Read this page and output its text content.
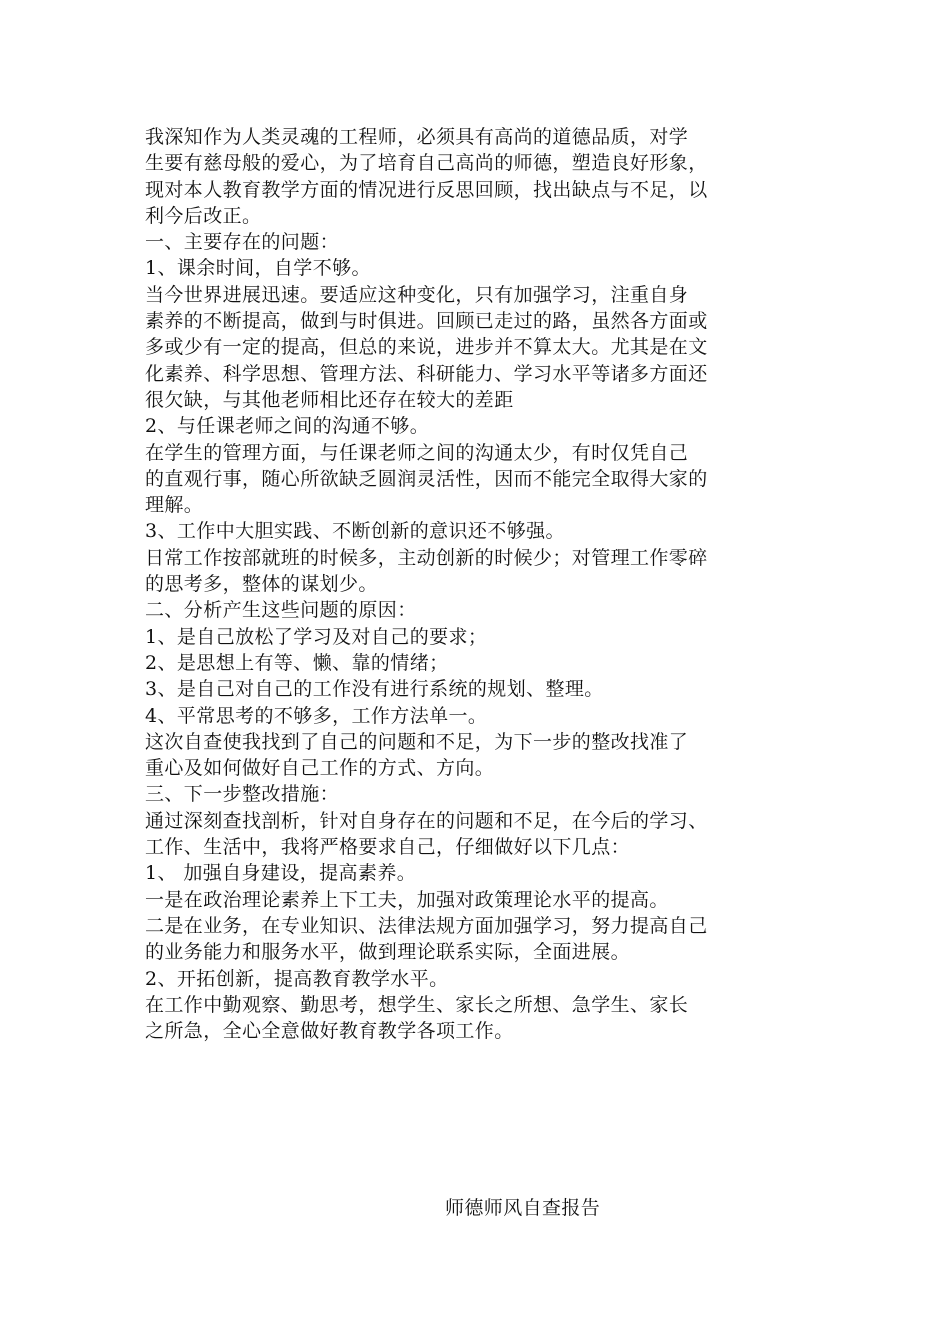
我深知作为人类灵魂的工程师，必须具有高尚的道德品质，对学
生要有慈母般的爱心，为了培育自己高尚的师德，塑造良好形象，
现对本人教育教学方面的情况进行反思回顾，找出缺点与不足，以
利今后改正。
一、主要存在的问题：
1、课余时间，自学不够。
当今世界进展迅速。要适应这种变化，只有加强学习，注重自身
素养的不断提高，做到与时俱进。回顾已走过的路，虽然各方面或
多或少有一定的提高，但总的来说，进步并不算太大。尤其是在文
化素养、科学思想、管理方法、科研能力、学习水平等诸多方面还
很欠缺，与其他老师相比还存在较大的差距
2、与任课老师之间的沟通不够。
在学生的管理方面，与任课老师之间的沟通太少，有时仅凭自己
的直观行事，随心所欲缺乏圆润灵活性，因而不能完全取得大家的
理解。
3、工作中大胆实践、不断创新的意识还不够强。
日常工作按部就班的时候多，主动创新的时候少；对管理工作零碎
的思考多，整体的谋划少。
二、分析产生这些问题的原因：
1、是自己放松了学习及对自己的要求；
2、是思想上有等、懒、靠的情绪；
3、是自己对自己的工作没有进行系统的规划、整理。
4、平常思考的不够多，工作方法单一。
这次自查使我找到了自己的问题和不足，为下一步的整改找准了
重心及如何做好自己工作的方式、方向。
三、下一步整改措施：
通过深刻查找剖析，针对自身存在的问题和不足，在今后的学习、
工作、生活中，我将严格要求自己，仔细做好以下几点：
1、 加强自身建设，提高素养。
一是在政治理论素养上下工夫，加强对政策理论水平的提高。
二是在业务，在专业知识、法律法规方面加强学习，努力提高自己
的业务能力和服务水平，做到理论联系实际，全面进展。
2、开拓创新，提高教育教学水平。
在工作中勤观察、勤思考，想学生、家长之所想、急学生、家长
之所急，全心全意做好教育教学各项工作。
师德师风自查报告
